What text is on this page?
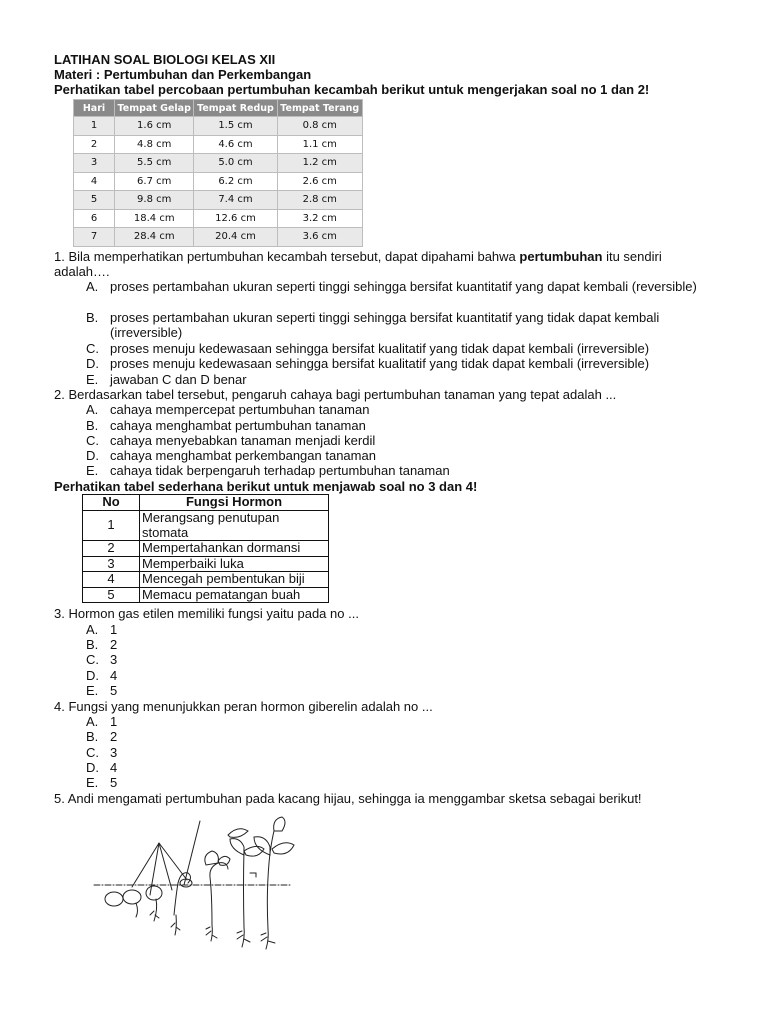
LATIHAN SOAL BIOLOGI KELAS XII
Materi : Pertumbuhan dan Perkembangan
Perhatikan tabel percobaan pertumbuhan kecambah berikut untuk mengerjakan soal no 1 dan 2!
Hari	Tempat Gelap	Tempat Redup	Tempat Terang
1	1.6 cm	1.5 cm	0.8 cm
2	4.8 cm	4.6 cm	1.1 cm
3	5.5 cm	5.0 cm	1.2 cm
4	6.7 cm	6.2 cm	2.6 cm
5	9.8 cm	7.4 cm	2.8 cm
6	18.4 cm	12.6 cm	3.2 cm
7	28.4 cm	20.4 cm	3.6 cm
1. Bila memperhatikan pertumbuhan kecambah tersebut, dapat dipahami bahwa pertumbuhan itu sendiri adalah….
A. proses pertambahan ukuran seperti tinggi sehingga bersifat kuantitatif yang dapat kembali (reversible)
B. proses pertambahan ukuran seperti tinggi sehingga bersifat kuantitatif yang tidak dapat kembali (irreversible)
C. proses menuju kedewasaan sehingga bersifat kualitatif yang tidak dapat kembali (irreversible)
D. proses menuju kedewasaan sehingga bersifat kualitatif yang tidak dapat kembali (irreversible)
E. jawaban C dan D benar
2. Berdasarkan tabel tersebut, pengaruh cahaya bagi pertumbuhan tanaman yang tepat adalah ...
A. cahaya mempercepat pertumbuhan tanaman
B. cahaya menghambat pertumbuhan tanaman
C. cahaya menyebabkan tanaman menjadi kerdil
D. cahaya menghambat perkembangan tanaman
E. cahaya tidak berpengaruh terhadap pertumbuhan tanaman
Perhatikan tabel sederhana berikut untuk menjawab soal no 3 dan 4!
No	Fungsi Hormon
1	Merangsang penutupan stomata
2	Mempertahankan dormansi
3	Memperbaiki luka
4	Mencegah pembentukan biji
5	Memacu pematangan buah
3. Hormon gas etilen memiliki fungsi yaitu pada no ...
A. 1
B. 2
C. 3
D. 4
E. 5
4. Fungsi yang menunjukkan peran hormon giberelin adalah no ...
A. 1
B. 2
C. 3
D. 4
E. 5
5. Andi mengamati pertumbuhan pada kacang hijau, sehingga ia menggambar sketsa sebagai berikut!
